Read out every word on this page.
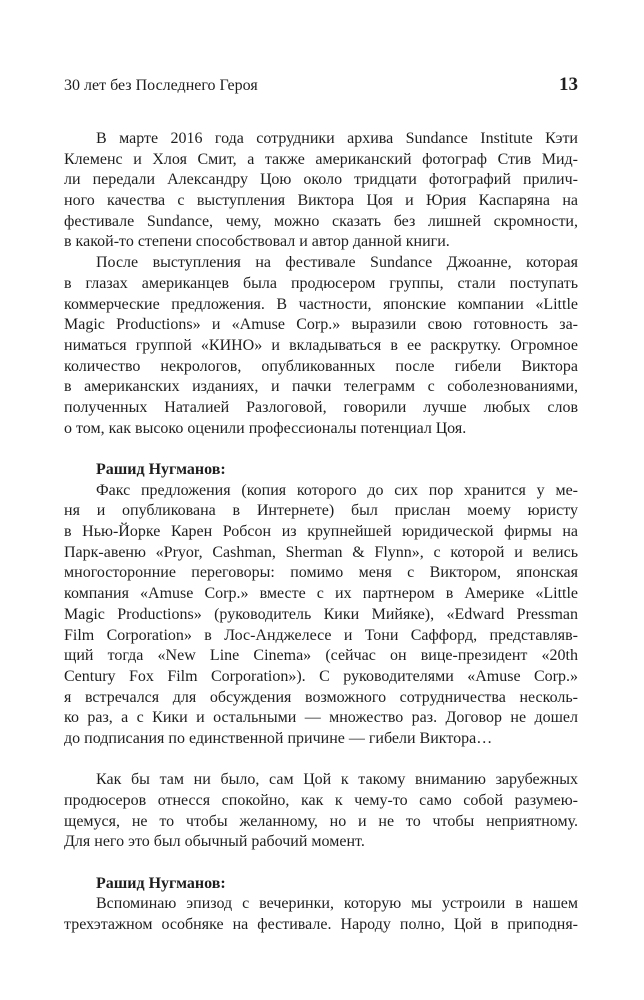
30 лет без Последнего Героя	13
В марте 2016 года сотрудники архива Sundance Institute Кэти
Клеменс и Хлоя Смит, а также американский фотограф Стив Мид-
ли передали Александру Цою около тридцати фотографий прилич-
ного качества с выступления Виктора Цоя и Юрия Каспаряна на
фестивале Sundance, чему, можно сказать без лишней скромности,
в какой-то степени способствовал и автор данной книги.
После выступления на фестивале Sundance Джоанне, которая
в глазах американцев была продюсером группы, стали поступать
коммерческие предложения. В частности, японские компании «Little
Magic Productions» и «Amuse Corp.» выразили свою готовность за-
ниматься группой «КИНО» и вкладываться в ее раскрутку. Огромное
количество некрологов, опубликованных после гибели Виктора
в американских изданиях, и пачки телеграмм с соболезнованиями,
полученных Наталией Разлоговой, говорили лучше любых слов
о том, как высоко оценили профессионалы потенциал Цоя.
Рашид Нугманов:
Факс предложения (копия которого до сих пор хранится у ме-
ня и опубликована в Интернете) был прислан моему юристу
в Нью-Йорке Карен Робсон из крупнейшей юридической фирмы на
Парк-авеню «Pryor, Cashman, Sherman & Flynn», с которой и велись
многосторонние переговоры: помимо меня с Виктором, японская
компания «Amuse Corp.» вместе с их партнером в Америке «Little
Magic Productions» (руководитель Кики Мийяке), «Edward Pressman
Film Corporation» в Лос-Анджелесе и Тони Саффорд, представляв-
щий тогда «New Line Cinema» (сейчас он вице-президент «20th
Century Fox Film Corporation»). С руководителями «Amuse Corp.»
я встречался для обсуждения возможного сотрудничества несколь-
ко раз, а с Кики и остальными — множество раз. Договор не дошел
до подписания по единственной причине — гибели Виктора…
Как бы там ни было, сам Цой к такому вниманию зарубежных
продюсеров отнесся спокойно, как к чему-то само собой разумею-
щемуся, не то чтобы желанному, но и не то чтобы неприятному.
Для него это был обычный рабочий момент.
Рашид Нугманов:
Вспоминаю эпизод с вечеринки, которую мы устроили в нашем
трехэтажном особняке на фестивале. Народу полно, Цой в приподня-
